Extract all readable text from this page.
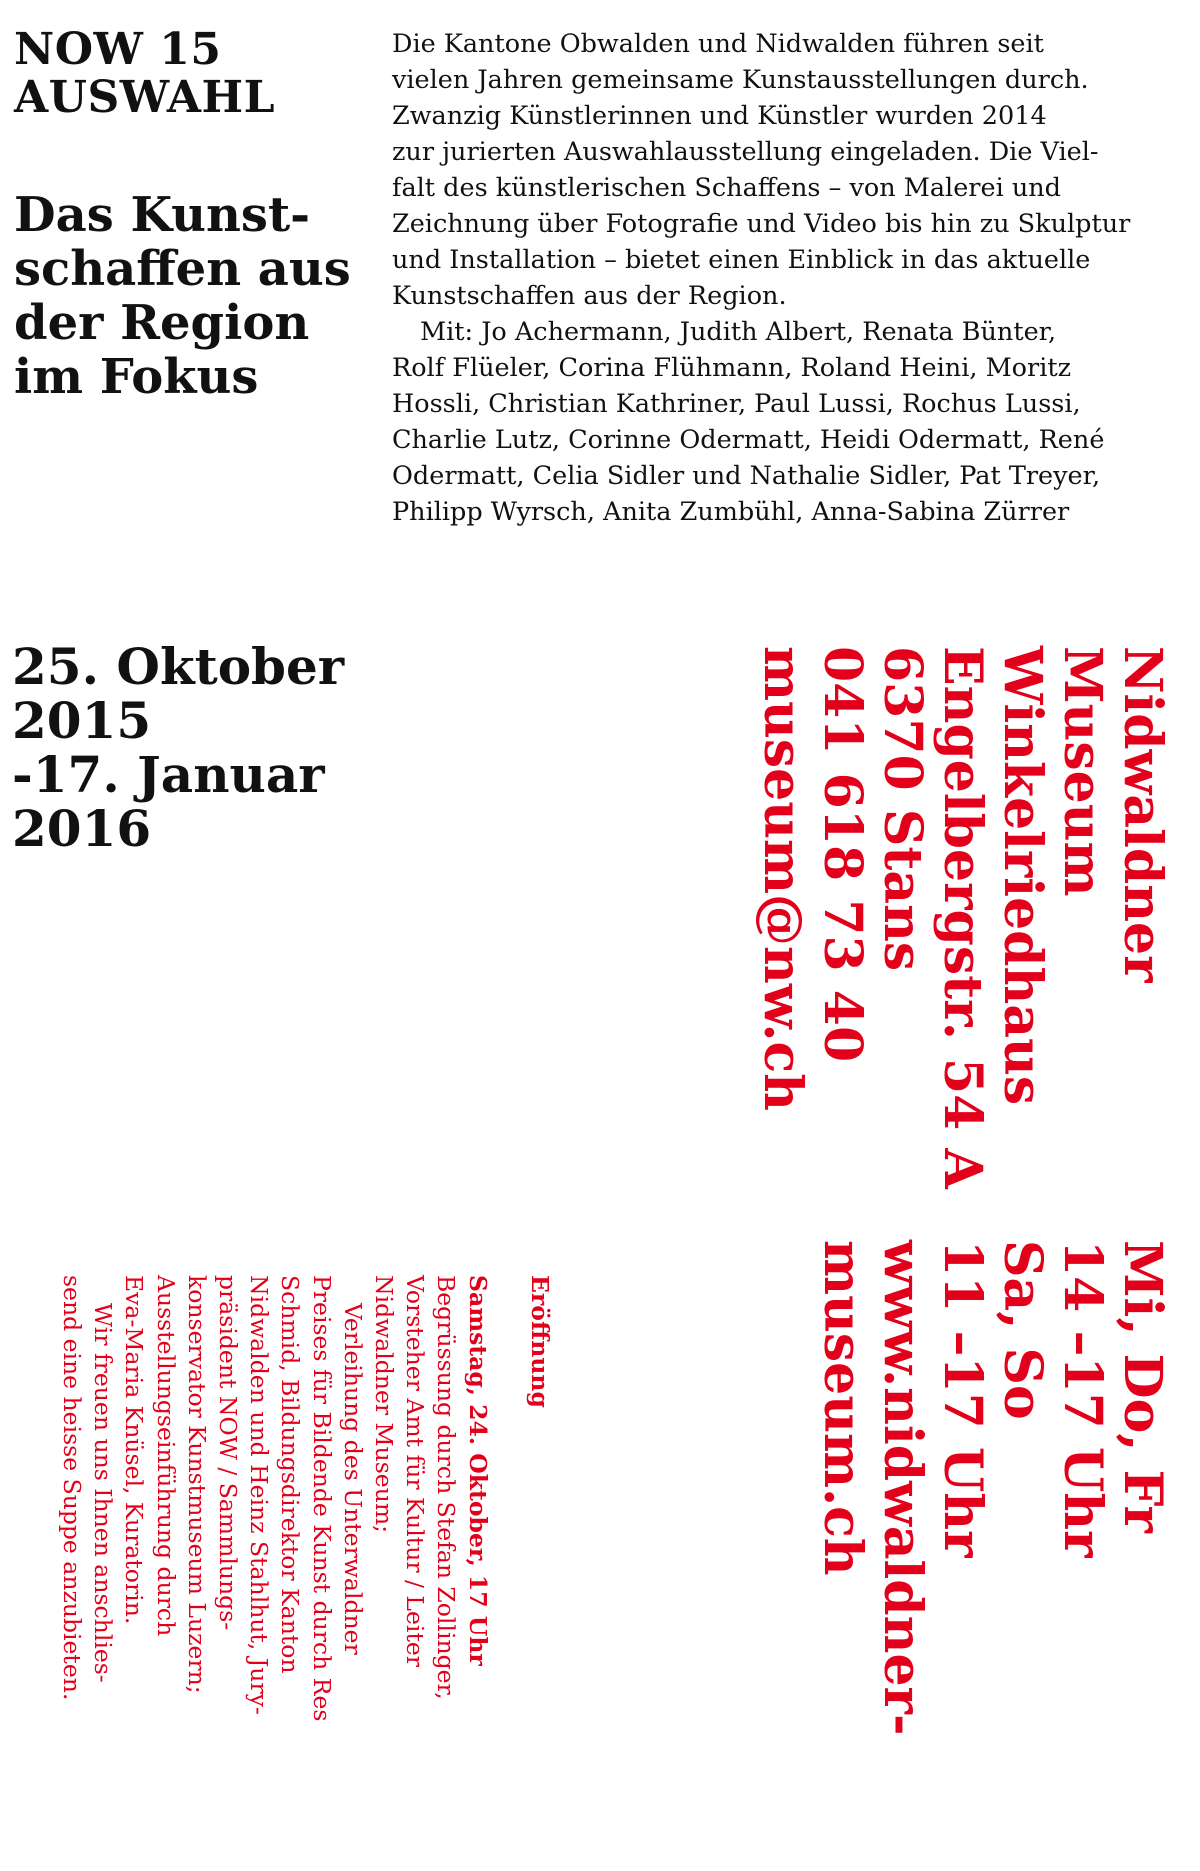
NOW 15
AUSWAHL
Das Kunst-
schaffen aus
der Region
im Fokus

Die Kantone Obwalden und Nidwalden führen seit
vielen Jahren gemeinsame Kunstausstellungen durch.
Zwanzig Künstlerinnen und Künstler wurden 2014
zur jurierten Auswahlausstellung eingeladen. Die Viel-
falt des künstlerischen Schaffens – von Malerei und
Zeichnung über Fotografie und Video bis hin zu Skulptur
und Installation – bietet einen Einblick in das aktuelle
Kunstschaffen aus der Region.

Mit: Jo Achermann, Judith Albert, Renata Bünter,
Rolf Flüeler, Corina Flühmann, Roland Heini, Moritz
Hossli, Christian Kathriner, Paul Lussi, Rochus Lussi,
Charlie Lutz, Corinne Odermatt, Heidi Odermatt, René
Odermatt, Celia Sidler und Nathalie Sidler, Pat Treyer,
Philipp Wyrsch, Anita Zumbühl, Anna-Sabina Zürrer

25. Oktober
2015
-17. Januar
2016	Nidwaldner
Museum
Winkelriedhaus
Engelbergstr. 54 A
6370 Stans
041 618 73 40
museum@nw.ch
Mi, Do, Fr
14 –17 Uhr
Sa, So
11 –17 Uhr
www.nidwaldner-
museum.ch
Eröffnung

Samstag, 24. Oktober, 17 Uhr
Begrüssung durch Stefan Zollinger,
Vorsteher Amt für Kultur / Leiter
Nidwaldner Museum;
Verleihung des Unterwaldner
Preises für Bildende Kunst durch Res
Schmid, Bildungsdirektor Kanton
Nidwalden und Heinz Stahlhut, Jury-
präsident NOW / Sammlungs-
konservator Kunstmuseum Luzern;
Ausstellungseinführung durch
Eva-Maria Knüsel, Kuratorin.
Wir freuen uns Ihnen anschlies-
send eine heisse Suppe anzubieten.
